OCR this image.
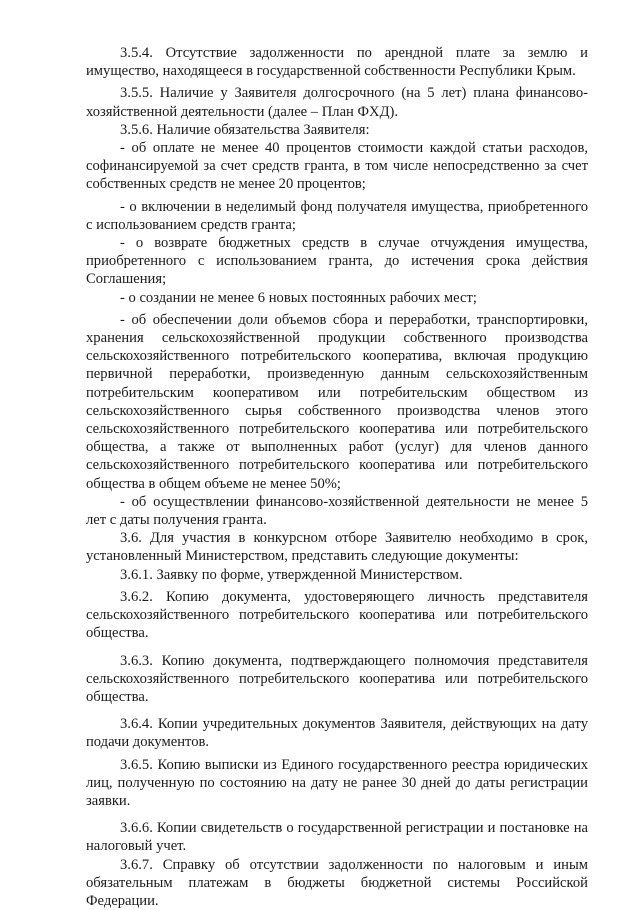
3.5.4. Отсутствие задолженности по арендной плате за землю и имущество, находящееся в государственной собственности Республики Крым.

3.5.5. Наличие у Заявителя долгосрочного (на 5 лет) плана финансово-хозяйственной деятельности (далее – План ФХД).

3.5.6. Наличие обязательства Заявителя:

- об оплате не менее 40 процентов стоимости каждой статьи расходов, софинансируемой за счет средств гранта, в том числе непосредственно за счет собственных средств не менее 20 процентов;

- о включении в неделимый фонд получателя имущества, приобретенного с использованием средств гранта;

- о возврате бюджетных средств в случае отчуждения имущества, приобретенного с использованием гранта, до истечения срока действия Соглашения;

- о создании не менее 6 новых постоянных рабочих мест;

- об обеспечении доли объемов сбора и переработки, транспортировки, хранения сельскохозяйственной продукции собственного производства сельскохозяйственного потребительского кооператива, включая продукцию первичной переработки, произведенную данным сельскохозяйственным потребительским кооперативом или потребительским обществом из сельскохозяйственного сырья собственного производства членов этого сельскохозяйственного потребительского кооператива или потребительского общества, а также от выполненных работ (услуг) для членов данного сельскохозяйственного потребительского кооператива или потребительского общества в общем объеме не менее 50%;

- об осуществлении финансово-хозяйственной деятельности не менее 5 лет с даты получения гранта.

3.6. Для участия в конкурсном отборе Заявителю необходимо в срок, установленный Министерством, представить следующие документы:

3.6.1. Заявку по форме, утвержденной Министерством.

3.6.2. Копию документа, удостоверяющего личность представителя сельскохозяйственного потребительского кооператива или потребительского общества.

3.6.3. Копию документа, подтверждающего полномочия представителя сельскохозяйственного потребительского кооператива или потребительского общества.

3.6.4. Копии учредительных документов Заявителя, действующих на дату подачи документов.

3.6.5. Копию выписки из Единого государственного реестра юридических лиц, полученную по состоянию на дату не ранее 30 дней до даты регистрации заявки.

3.6.6. Копии свидетельств о государственной регистрации и постановке на налоговый учет.

3.6.7. Справку об отсутствии задолженности по налоговым и иным обязательным платежам в бюджеты бюджетной системы Российской Федерации.
